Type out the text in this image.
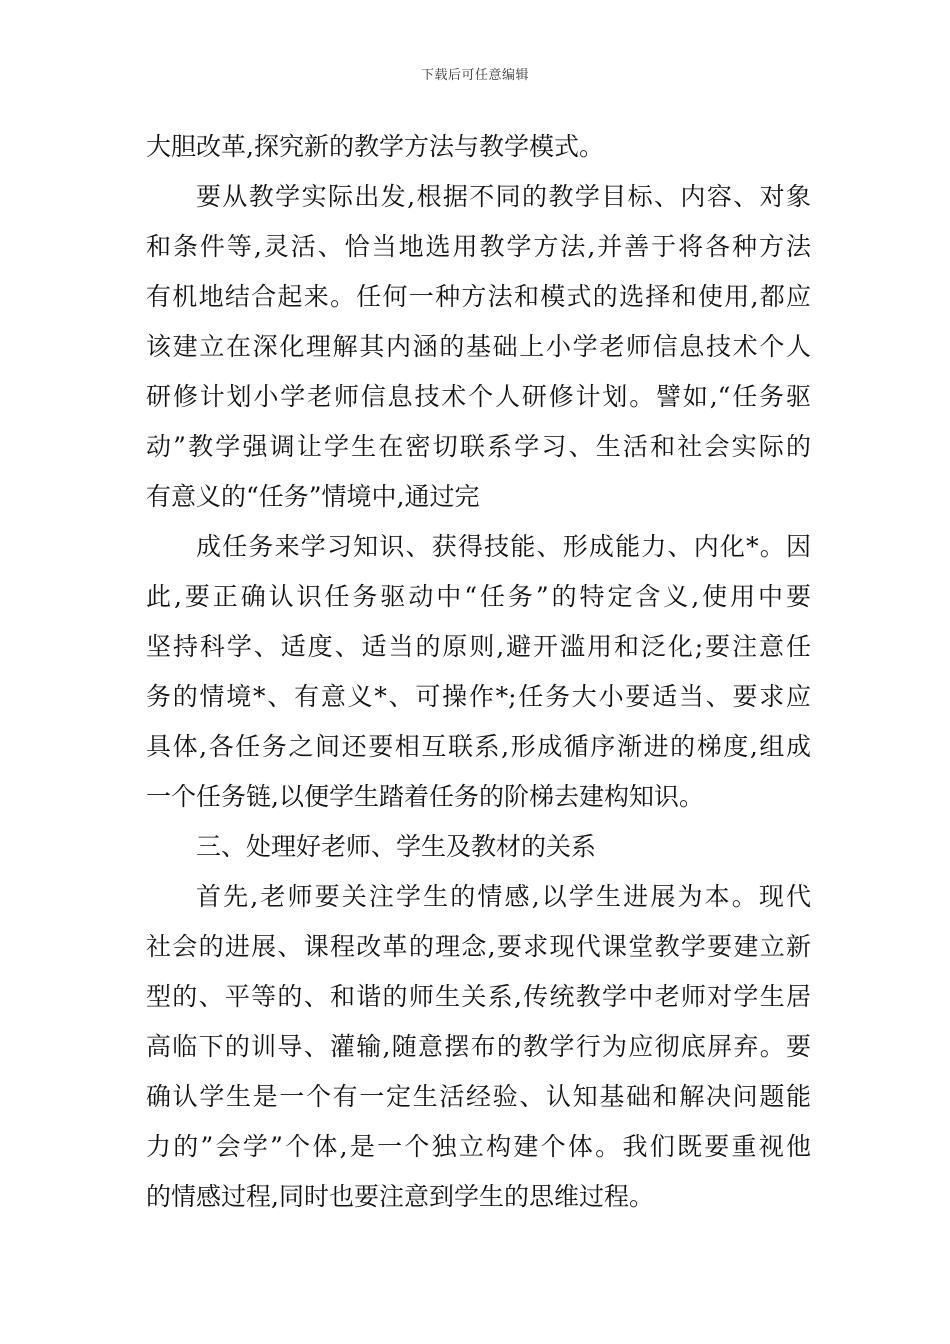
下载后可任意编辑
大胆改革,探究新的教学方法与教学模式。
要从教学实际出发,根据不同的教学目标、内容、对象
和条件等,灵活、恰当地选用教学方法,并善于将各种方法
有机地结合起来。任何一种方法和模式的选择和使用,都应
该建立在深化理解其内涵的基础上小学老师信息技术个人
研修计划小学老师信息技术个人研修计划。譬如,“任务驱
动”教学强调让学生在密切联系学习、生活和社会实际的
有意义的“任务”情境中,通过完
成任务来学习知识、获得技能、形成能力、内化*。因
此,要正确认识任务驱动中“任务”的特定含义,使用中要
坚持科学、适度、适当的原则,避开滥用和泛化;要注意任
务的情境*、有意义*、可操作*;任务大小要适当、要求应
具体,各任务之间还要相互联系,形成循序渐进的梯度,组成
一个任务链,以便学生踏着任务的阶梯去建构知识。
三、处理好老师、学生及教材的关系
首先,老师要关注学生的情感,以学生进展为本。现代
社会的进展、课程改革的理念,要求现代课堂教学要建立新
型的、平等的、和谐的师生关系,传统教学中老师对学生居
高临下的训导、灌输,随意摆布的教学行为应彻底屏弃。要
确认学生是一个有一定生活经验、认知基础和解决问题能
力的”会学”个体,是一个独立构建个体。我们既要重视他
的情感过程,同时也要注意到学生的思维过程。
